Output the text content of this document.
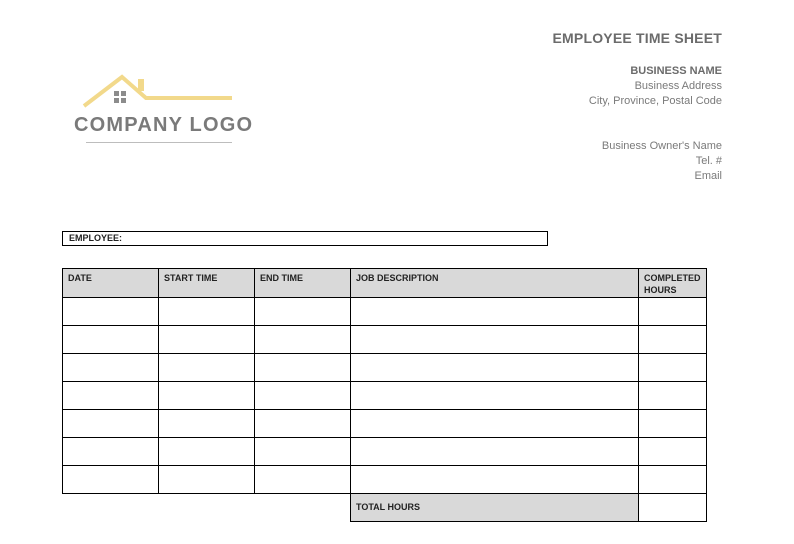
EMPLOYEE TIME SHEET
BUSINESS NAME
Business Address
City, Province, Postal Code
Business Owner's Name
Tel. #
Email
COMPANY LOGO
EMPLOYEE:
DATE	START TIME	END TIME	JOB DESCRIPTION	COMPLETED HOURS

			TOTAL HOURS	
